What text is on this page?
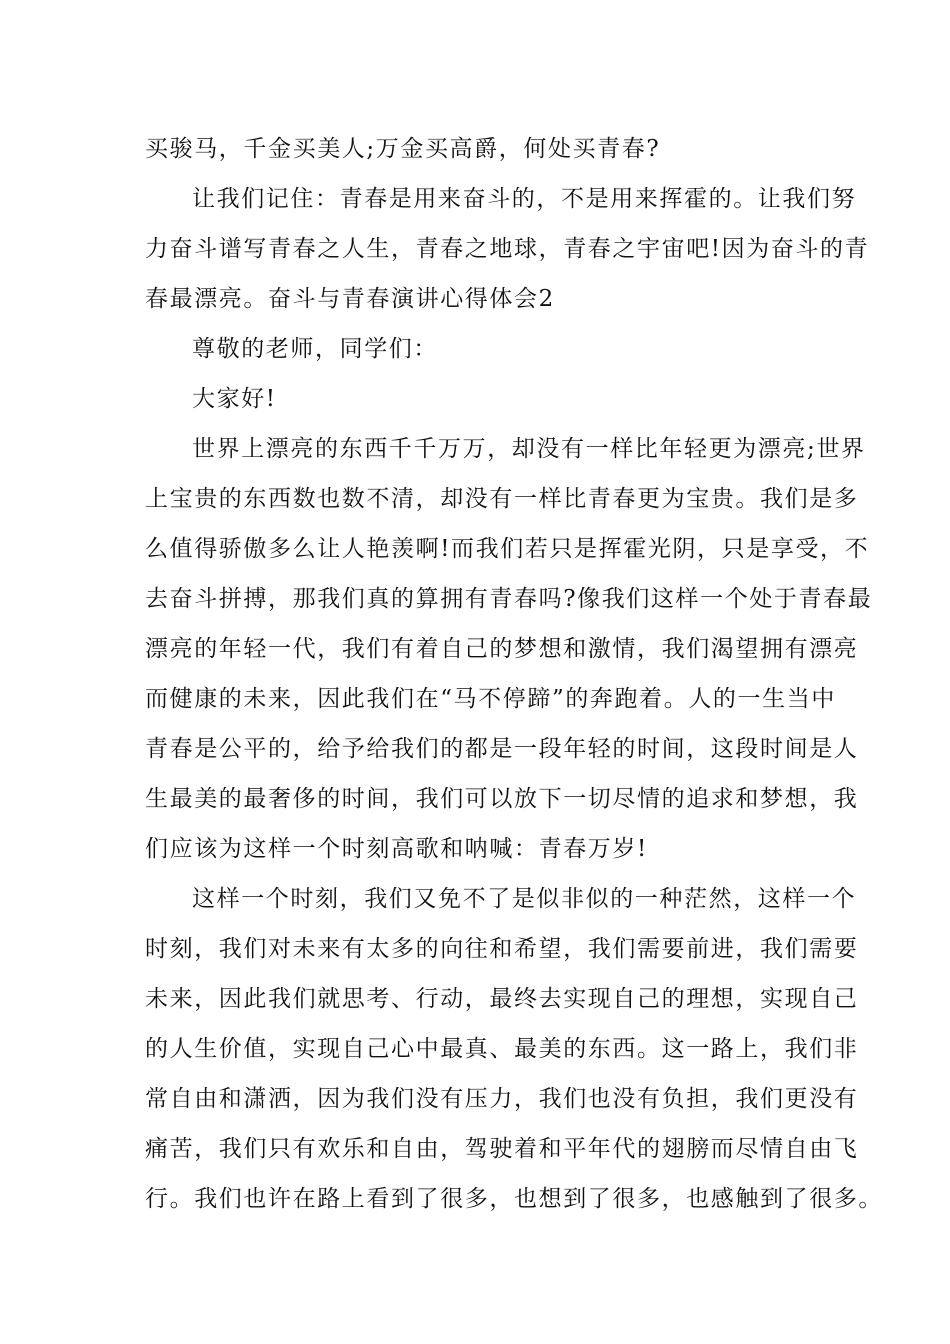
买骏马，千金买美人;万金买高爵，何处买青春?
让我们记住：青春是用来奋斗的，不是用来挥霍的。让我们努
力奋斗谱写青春之人生，青春之地球，青春之宇宙吧!因为奋斗的青
春最漂亮。奋斗与青春演讲心得体会2
尊敬的老师，同学们：
大家好!
世界上漂亮的东西千千万万，却没有一样比年轻更为漂亮;世界
上宝贵的东西数也数不清，却没有一样比青春更为宝贵。我们是多
么值得骄傲多么让人艳羡啊!而我们若只是挥霍光阴，只是享受，不
去奋斗拼搏，那我们真的算拥有青春吗?像我们这样一个处于青春最
漂亮的年轻一代，我们有着自己的梦想和激情，我们渴望拥有漂亮
而健康的未来，因此我们在“马不停蹄”的奔跑着。人的一生当中
青春是公平的，给予给我们的都是一段年轻的时间，这段时间是人
生最美的最奢侈的时间，我们可以放下一切尽情的追求和梦想，我
们应该为这样一个时刻高歌和呐喊：青春万岁!
这样一个时刻，我们又免不了是似非似的一种茫然，这样一个
时刻，我们对未来有太多的向往和希望，我们需要前进，我们需要
未来，因此我们就思考、行动，最终去实现自己的理想，实现自己
的人生价值，实现自己心中最真、最美的东西。这一路上，我们非
常自由和潇洒，因为我们没有压力，我们也没有负担，我们更没有
痛苦，我们只有欢乐和自由，驾驶着和平年代的翅膀而尽情自由飞
行。我们也许在路上看到了很多，也想到了很多，也感触到了很多。
